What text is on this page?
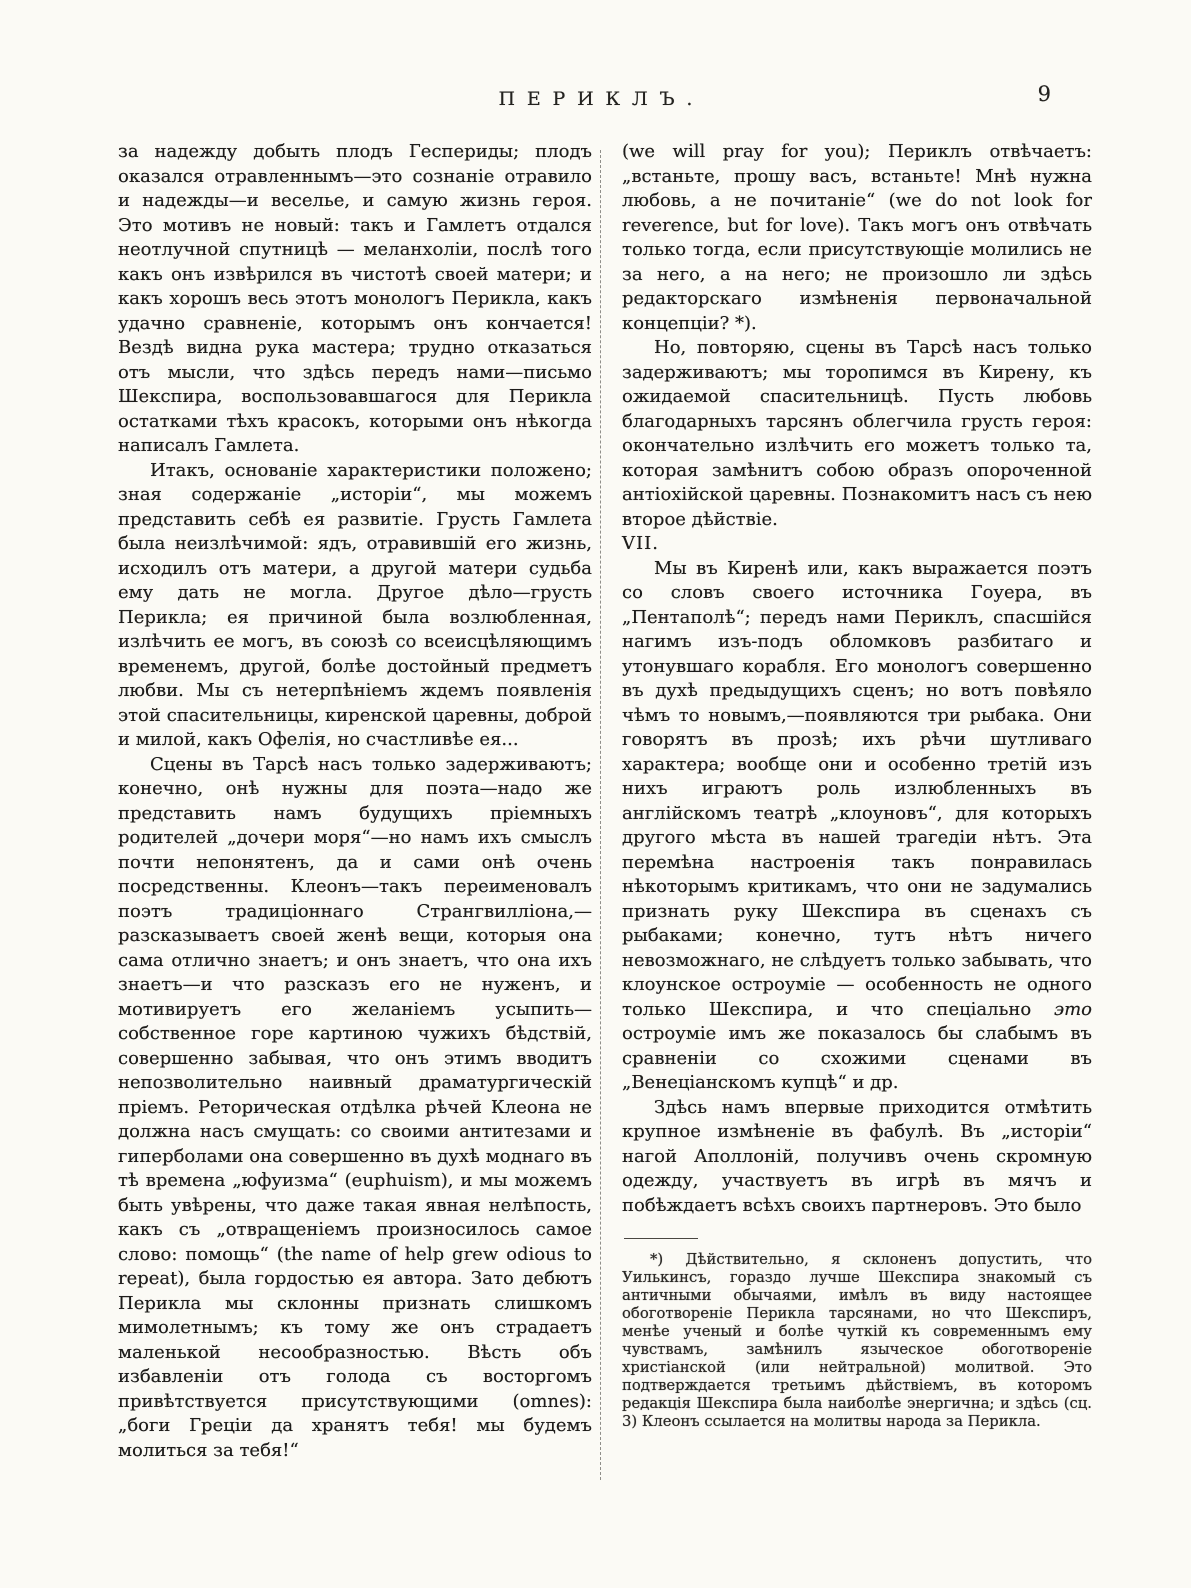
ПЕРИКЛЪ.	9

за надежду добыть плодъ Геспериды; плодъ оказался отравленнымъ—это сознаніе отравило и надежды—и веселье, и самую жизнь героя. Это мотивъ не новый: такъ и Гамлетъ отдался неотлучной спутницѣ — меланхоліи, послѣ того какъ онъ извѣрился въ чистотѣ своей матери; и какъ хорошъ весь этотъ монологъ Перикла, какъ удачно сравненіе, которымъ онъ кончается! Вездѣ видна рука мастера; трудно отказаться отъ мысли, что здѣсь передъ нами—письмо Шекспира, воспользовавшагося для Перикла остатками тѣхъ красокъ, которыми онъ нѣкогда написалъ Гамлета.

Итакъ, основаніе характеристики положено; зная содержаніе „исторіи“, мы можемъ представить себѣ ея развитіе. Грусть Гамлета была неизлѣчимой: ядъ, отравившій его жизнь, исходилъ отъ матери, а другой матери судьба ему дать не могла. Другое дѣло—грусть Перикла; ея причиной была возлюбленная, излѣчить ее могъ, въ союзѣ со всеисцѣляющимъ временемъ, другой, болѣе достойный предметъ любви. Мы съ нетерпѣніемъ ждемъ появленія этой спасительницы, киренской царевны, доброй и милой, какъ Офелія, но счастливѣе ея...

Сцены въ Тарсѣ насъ только задерживаютъ; конечно, онѣ нужны для поэта—надо же представить намъ будущихъ пріемныхъ родителей „дочери моря“—но намъ ихъ смыслъ почти непонятенъ, да и сами онѣ очень посредственны. Клеонъ—такъ переименовалъ поэтъ традиціоннаго Странгвилліона,—разсказываетъ своей женѣ вещи, которыя она сама отлично знаетъ; и онъ знаетъ, что она ихъ знаетъ—и что разсказъ его не нуженъ, и мотивируетъ его желаніемъ усыпить—собственное горе картиною чужихъ бѣдствій, совершенно забывая, что онъ этимъ вводитъ непозволительно наивный драматургическій пріемъ. Реторическая отдѣлка рѣчей Клеона не должна насъ смущать: со своими антитезами и гиперболами она совершенно въ духѣ моднаго въ тѣ времена „юфуизма“ (euphuism), и мы можемъ быть увѣрены, что даже такая явная нелѣпость, какъ съ „отвращеніемъ произносилось самое слово: помощь“ (the name of help grew odious to repeat), была гордостью ея автора. Зато дебютъ Перикла мы склонны признать слишкомъ мимолетнымъ; къ тому же онъ страдаетъ маленькой несообразностью. Вѣсть объ избавленіи отъ голода съ восторгомъ привѣтствуется присутствующими (omnes): „боги Греціи да хранятъ тебя! мы будемъ молиться за тебя!“

(we will pray for you); Периклъ отвѣчаетъ: „встаньте, прошу васъ, встаньте! Мнѣ нужна любовь, а не почитаніе“ (we do not look for reverence, but for love). Такъ могъ онъ отвѣчать только тогда, если присутствующіе молились не за него, а на него; не произошло ли здѣсь редакторскаго измѣненія первоначальной концепціи? *).

Но, повторяю, сцены въ Тарсѣ насъ только задерживаютъ; мы торопимся въ Кирену, къ ожидаемой спасительницѣ. Пусть любовь благодарныхъ тарсянъ облегчила грусть героя: окончательно излѣчить его можетъ только та, которая замѣнитъ собою образъ опороченной антіохійской царевны. Познакомитъ насъ съ нею второе дѣйствіе.

VII.

Мы въ Киренѣ или, какъ выражается поэтъ со словъ своего источника Гоуера, въ „Пентаполѣ“; передъ нами Периклъ, спасшійся нагимъ изъ-подъ обломковъ разбитаго и утонувшаго корабля. Его монологъ совершенно въ духѣ предыдущихъ сценъ; но вотъ повѣяло чѣмъ то новымъ,—появляются три рыбака. Они говорятъ въ прозѣ; ихъ рѣчи шутливаго характера; вообще они и особенно третій изъ нихъ играютъ роль излюбленныхъ въ англійскомъ театрѣ „клоуновъ“, для которыхъ другого мѣста въ нашей трагедіи нѣтъ. Эта перемѣна настроенія такъ понравилась нѣкоторымъ критикамъ, что они не задумались признать руку Шекспира въ сценахъ съ рыбаками; конечно, тутъ нѣтъ ничего невозможнаго, не слѣдуетъ только забывать, что клоунское остроуміе — особенность не одного только Шекспира, и что спеціально это остроуміе имъ же показалось бы слабымъ въ сравненіи со схожими сценами въ „Венеціанскомъ купцѣ“ и др.

Здѣсь намъ впервые приходится отмѣтить крупное измѣненіе въ фабулѣ. Въ „исторіи“ нагой Аполлоній, получивъ очень скромную одежду, участвуетъ въ игрѣ въ мячъ и побѣждаетъ всѣхъ своихъ партнеровъ. Это было

*) Дѣйствительно, я склоненъ допустить, что Уилькинсъ, гораздо лучше Шекспира знакомый съ античными обычаями, имѣлъ въ виду настоящее обоготвореніе Перикла тарсянами, но что Шекспиръ, менѣе ученый и болѣе чуткій къ современнымъ ему чувствамъ, замѣнилъ языческое обоготвореніе христіанской (или нейтральной) молитвой. Это подтверждается третьимъ дѣйствіемъ, въ которомъ редакція Шекспира была наиболѣе энергична; и здѣсь (сц. 3) Клеонъ ссылается на молитвы народа за Перикла.
